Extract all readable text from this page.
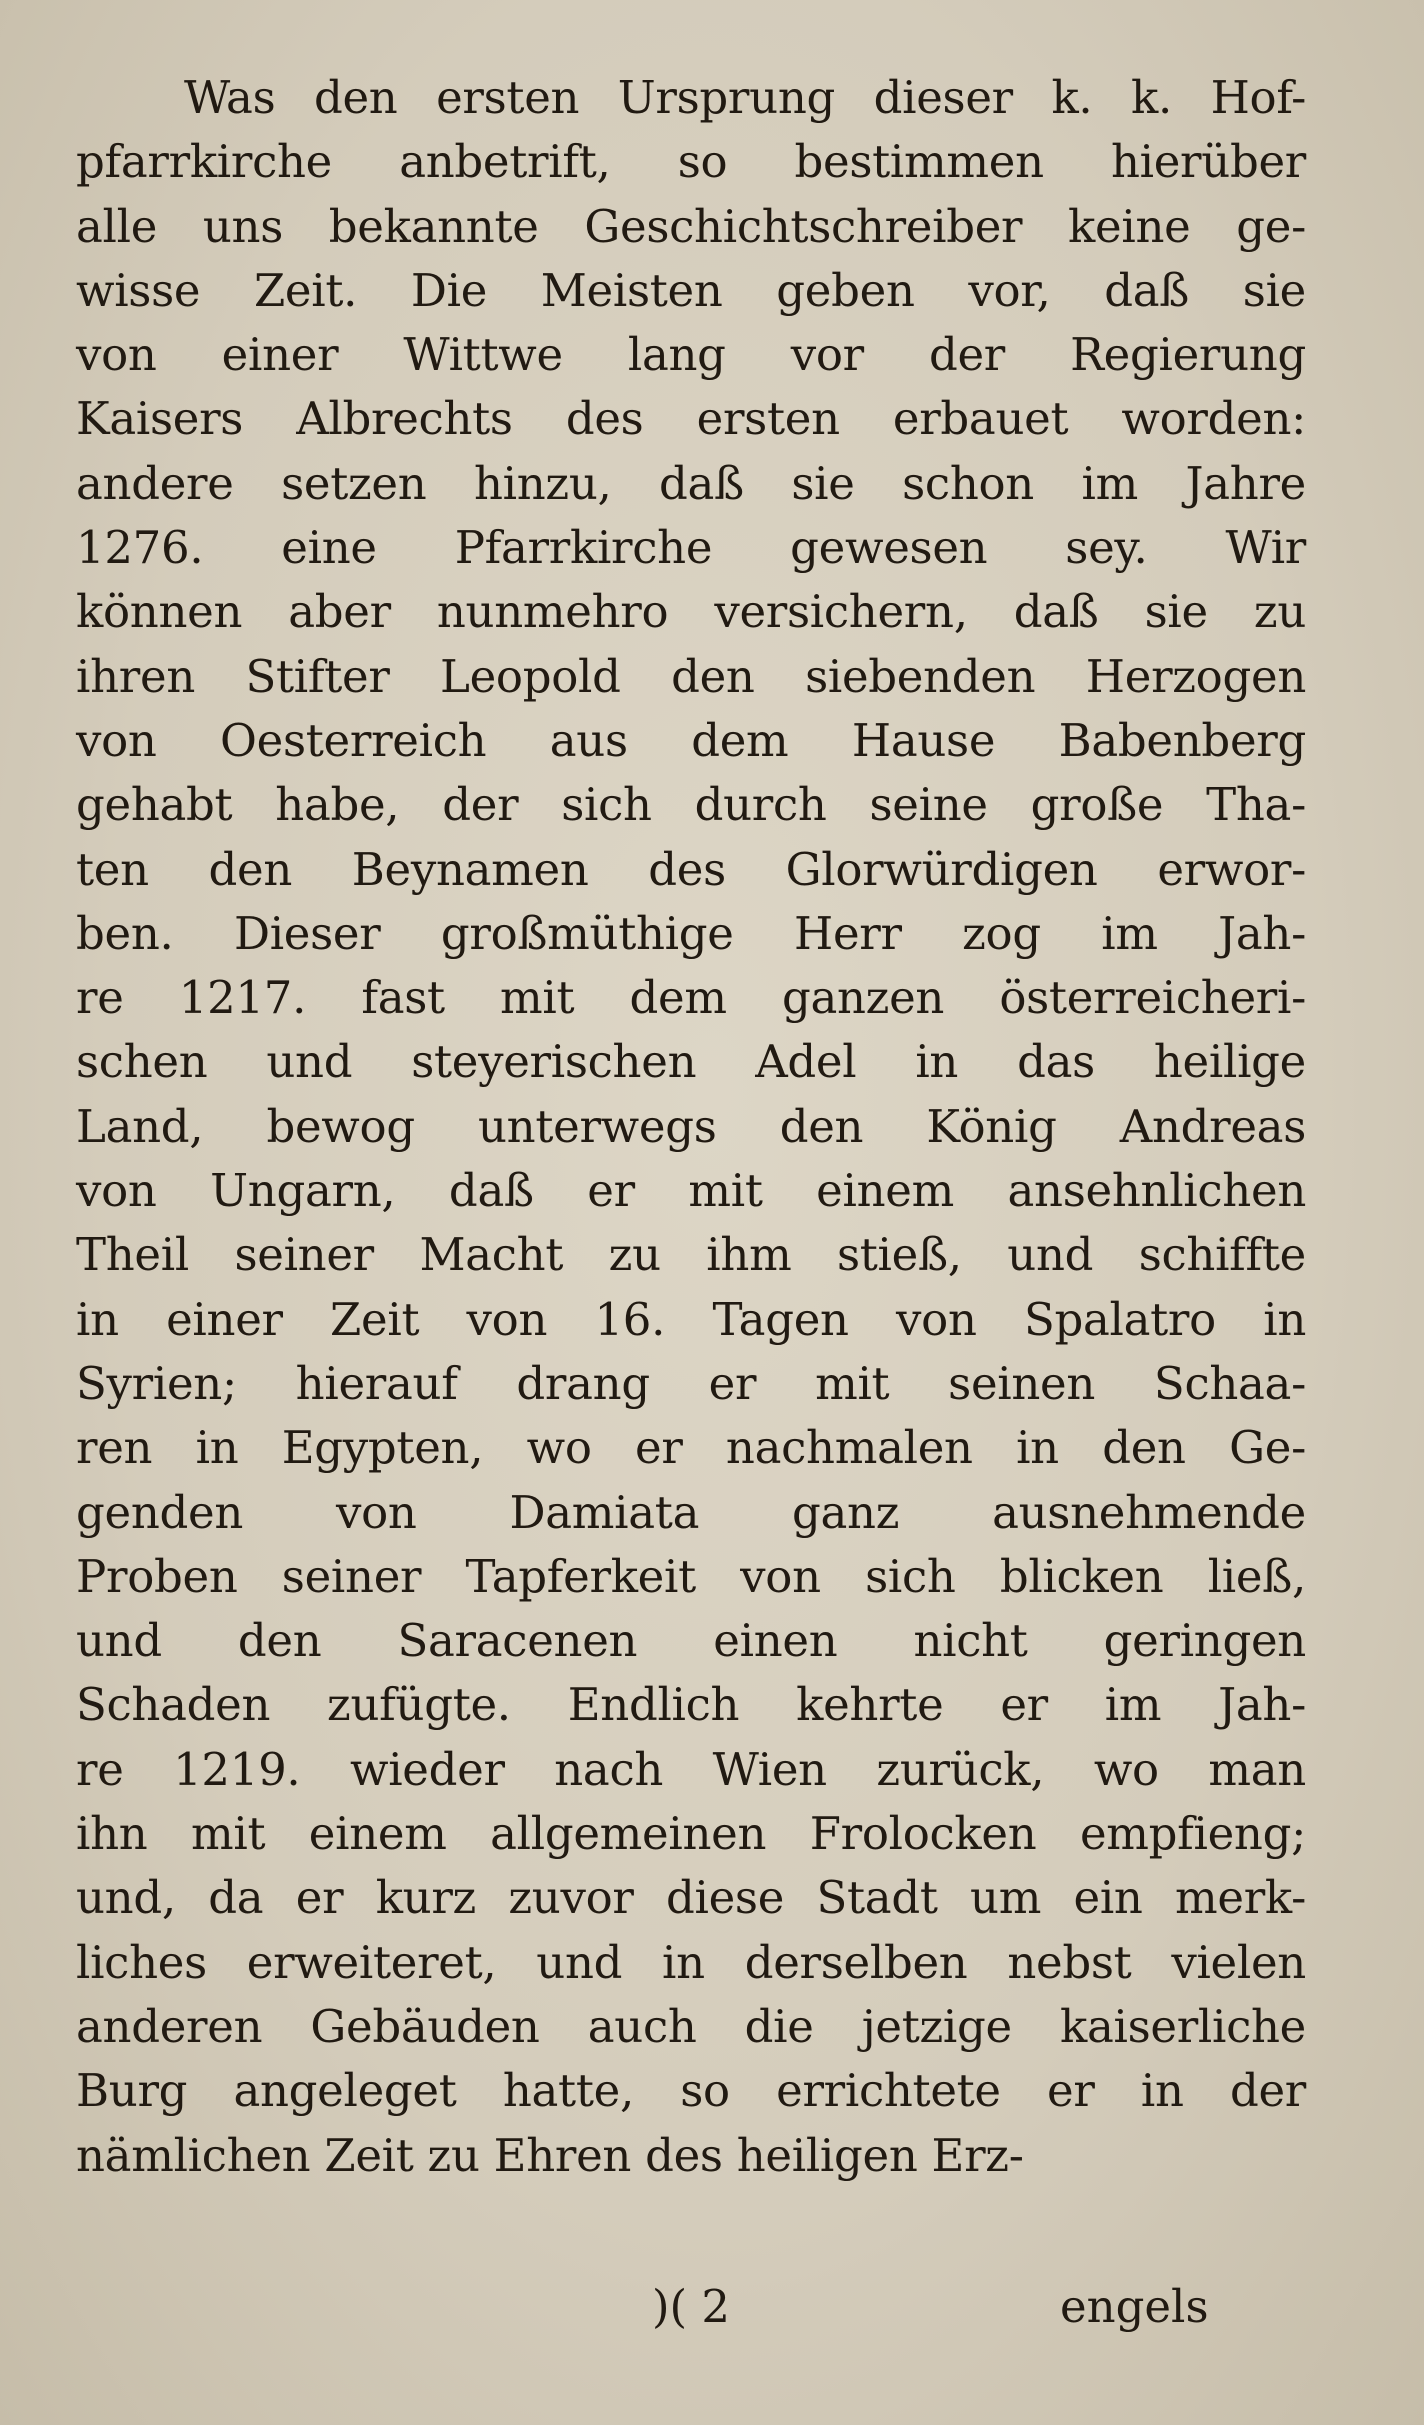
Was den ersten Ursprung dieser k. k. Hof-
pfarrkirche anbetrift, so bestimmen hierüber
alle uns bekannte Geschichtschreiber keine ge-
wisse Zeit. Die Meisten geben vor, daß sie
von einer Wittwe lang vor der Regierung
Kaisers Albrechts des ersten erbauet worden:
andere setzen hinzu, daß sie schon im Jahre
1276. eine Pfarrkirche gewesen sey. Wir
können aber nunmehro versichern, daß sie zu
ihren Stifter Leopold den siebenden Herzogen
von Oesterreich aus dem Hause Babenberg
gehabt habe, der sich durch seine große Tha-
ten den Beynamen des Glorwürdigen erwor-
ben. Dieser großmüthige Herr zog im Jah-
re 1217. fast mit dem ganzen österreicheri-
schen und steyerischen Adel in das heilige
Land, bewog unterwegs den König Andreas
von Ungarn, daß er mit einem ansehnlichen
Theil seiner Macht zu ihm stieß, und schiffte
in einer Zeit von 16. Tagen von Spalatro in
Syrien; hierauf drang er mit seinen Schaa-
ren in Egypten, wo er nachmalen in den Ge-
genden von Damiata ganz ausnehmende
Proben seiner Tapferkeit von sich blicken ließ,
und den Saracenen einen nicht geringen
Schaden zufügte. Endlich kehrte er im Jah-
re 1219. wieder nach Wien zurück, wo man
ihn mit einem allgemeinen Frolocken empfieng;
und, da er kurz zuvor diese Stadt um ein merk-
liches erweiteret, und in derselben nebst vielen
anderen Gebäuden auch die jetzige kaiserliche
Burg angeleget hatte, so errichtete er in der
nämlichen Zeit zu Ehren des heiligen Erz-
)( 2	engels
